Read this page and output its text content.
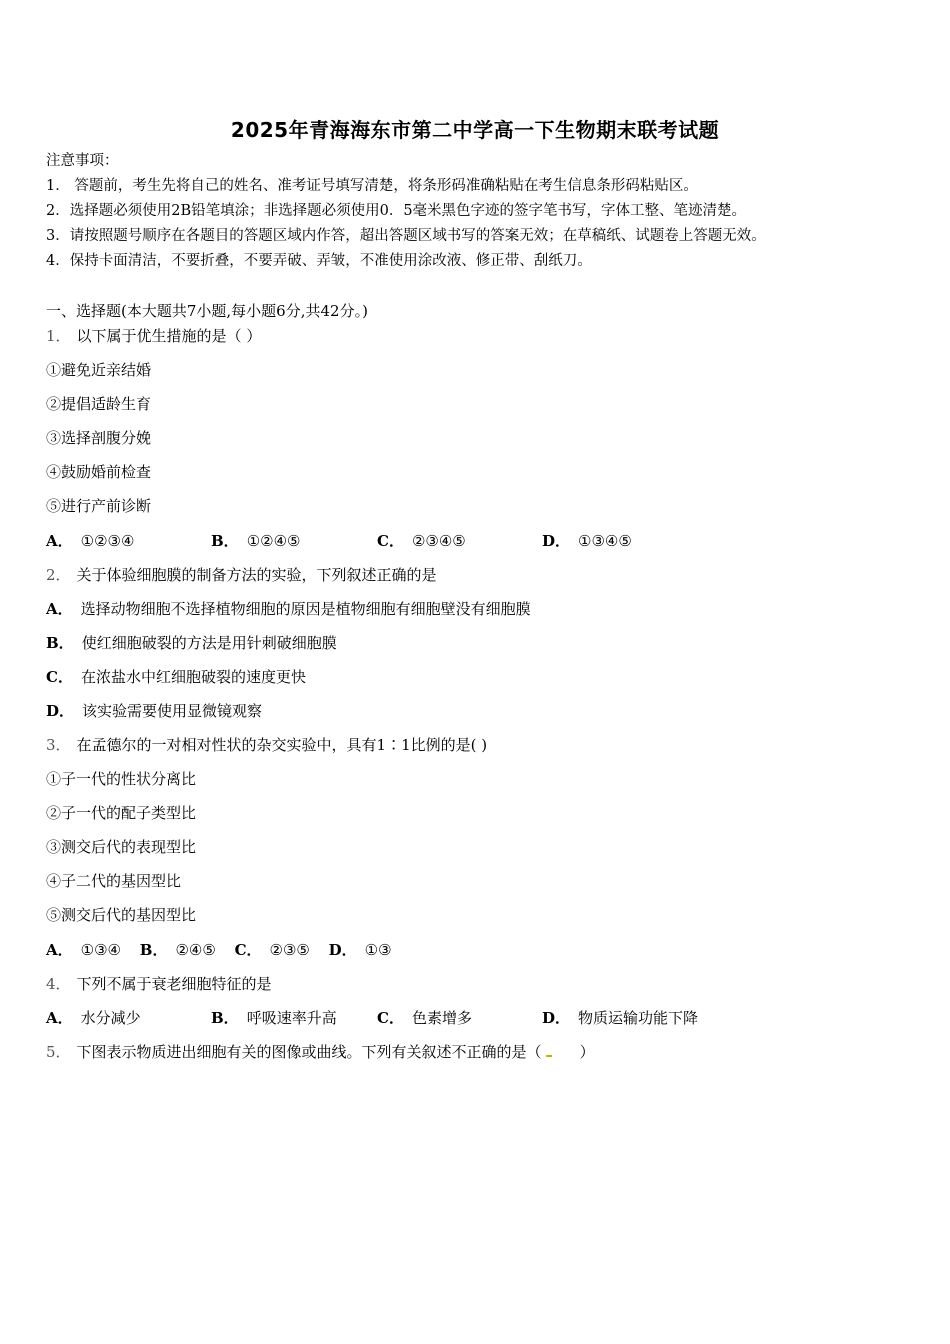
2025年青海海东市第二中学高一下生物期末联考试题
注意事项：
1． 答题前，考生先将自己的姓名、准考证号填写清楚，将条形码准确粘贴在考生信息条形码粘贴区。
2．选择题必须使用2B铅笔填涂；非选择题必须使用0．5毫米黑色字迹的签字笔书写，字体工整、笔迹清楚。
3．请按照题号顺序在各题目的答题区域内作答，超出答题区域书写的答案无效；在草稿纸、试题卷上答题无效。
4．保持卡面清洁，不要折叠，不要弄破、弄皱，不准使用涂改液、修正带、刮纸刀。
一、选择题(本大题共7小题,每小题6分,共42分。)
1． 以下属于优生措施的是（ ）
①避免近亲结婚
②提倡适龄生育
③选择剖腹分娩
④鼓励婚前检查
⑤进行产前诊断
A． ①②③④	B． ①②④⑤	C． ②③④⑤	D． ①③④⑤
2． 关于体验细胞膜的制备方法的实验，下列叙述正确的是
A． 选择动物细胞不选择植物细胞的原因是植物细胞有细胞壁没有细胞膜
B． 使红细胞破裂的方法是用针刺破细胞膜
C． 在浓盐水中红细胞破裂的速度更快
D． 该实验需要使用显微镜观察
3． 在孟德尔的一对相对性状的杂交实验中，具有1∶1比例的是( )
①子一代的性状分离比
②子一代的配子类型比
③测交后代的表现型比
④子二代的基因型比
⑤测交后代的基因型比
A． ①③④ B． ②④⑤ C． ②③⑤ D． ①③
4． 下列不属于衰老细胞特征的是
A． 水分减少	B． 呼吸速率升高	C． 色素增多	D． 物质运输功能下降
5． 下图表示物质进出细胞有关的图像或曲线。下列有关叙述不正确的是（	）
